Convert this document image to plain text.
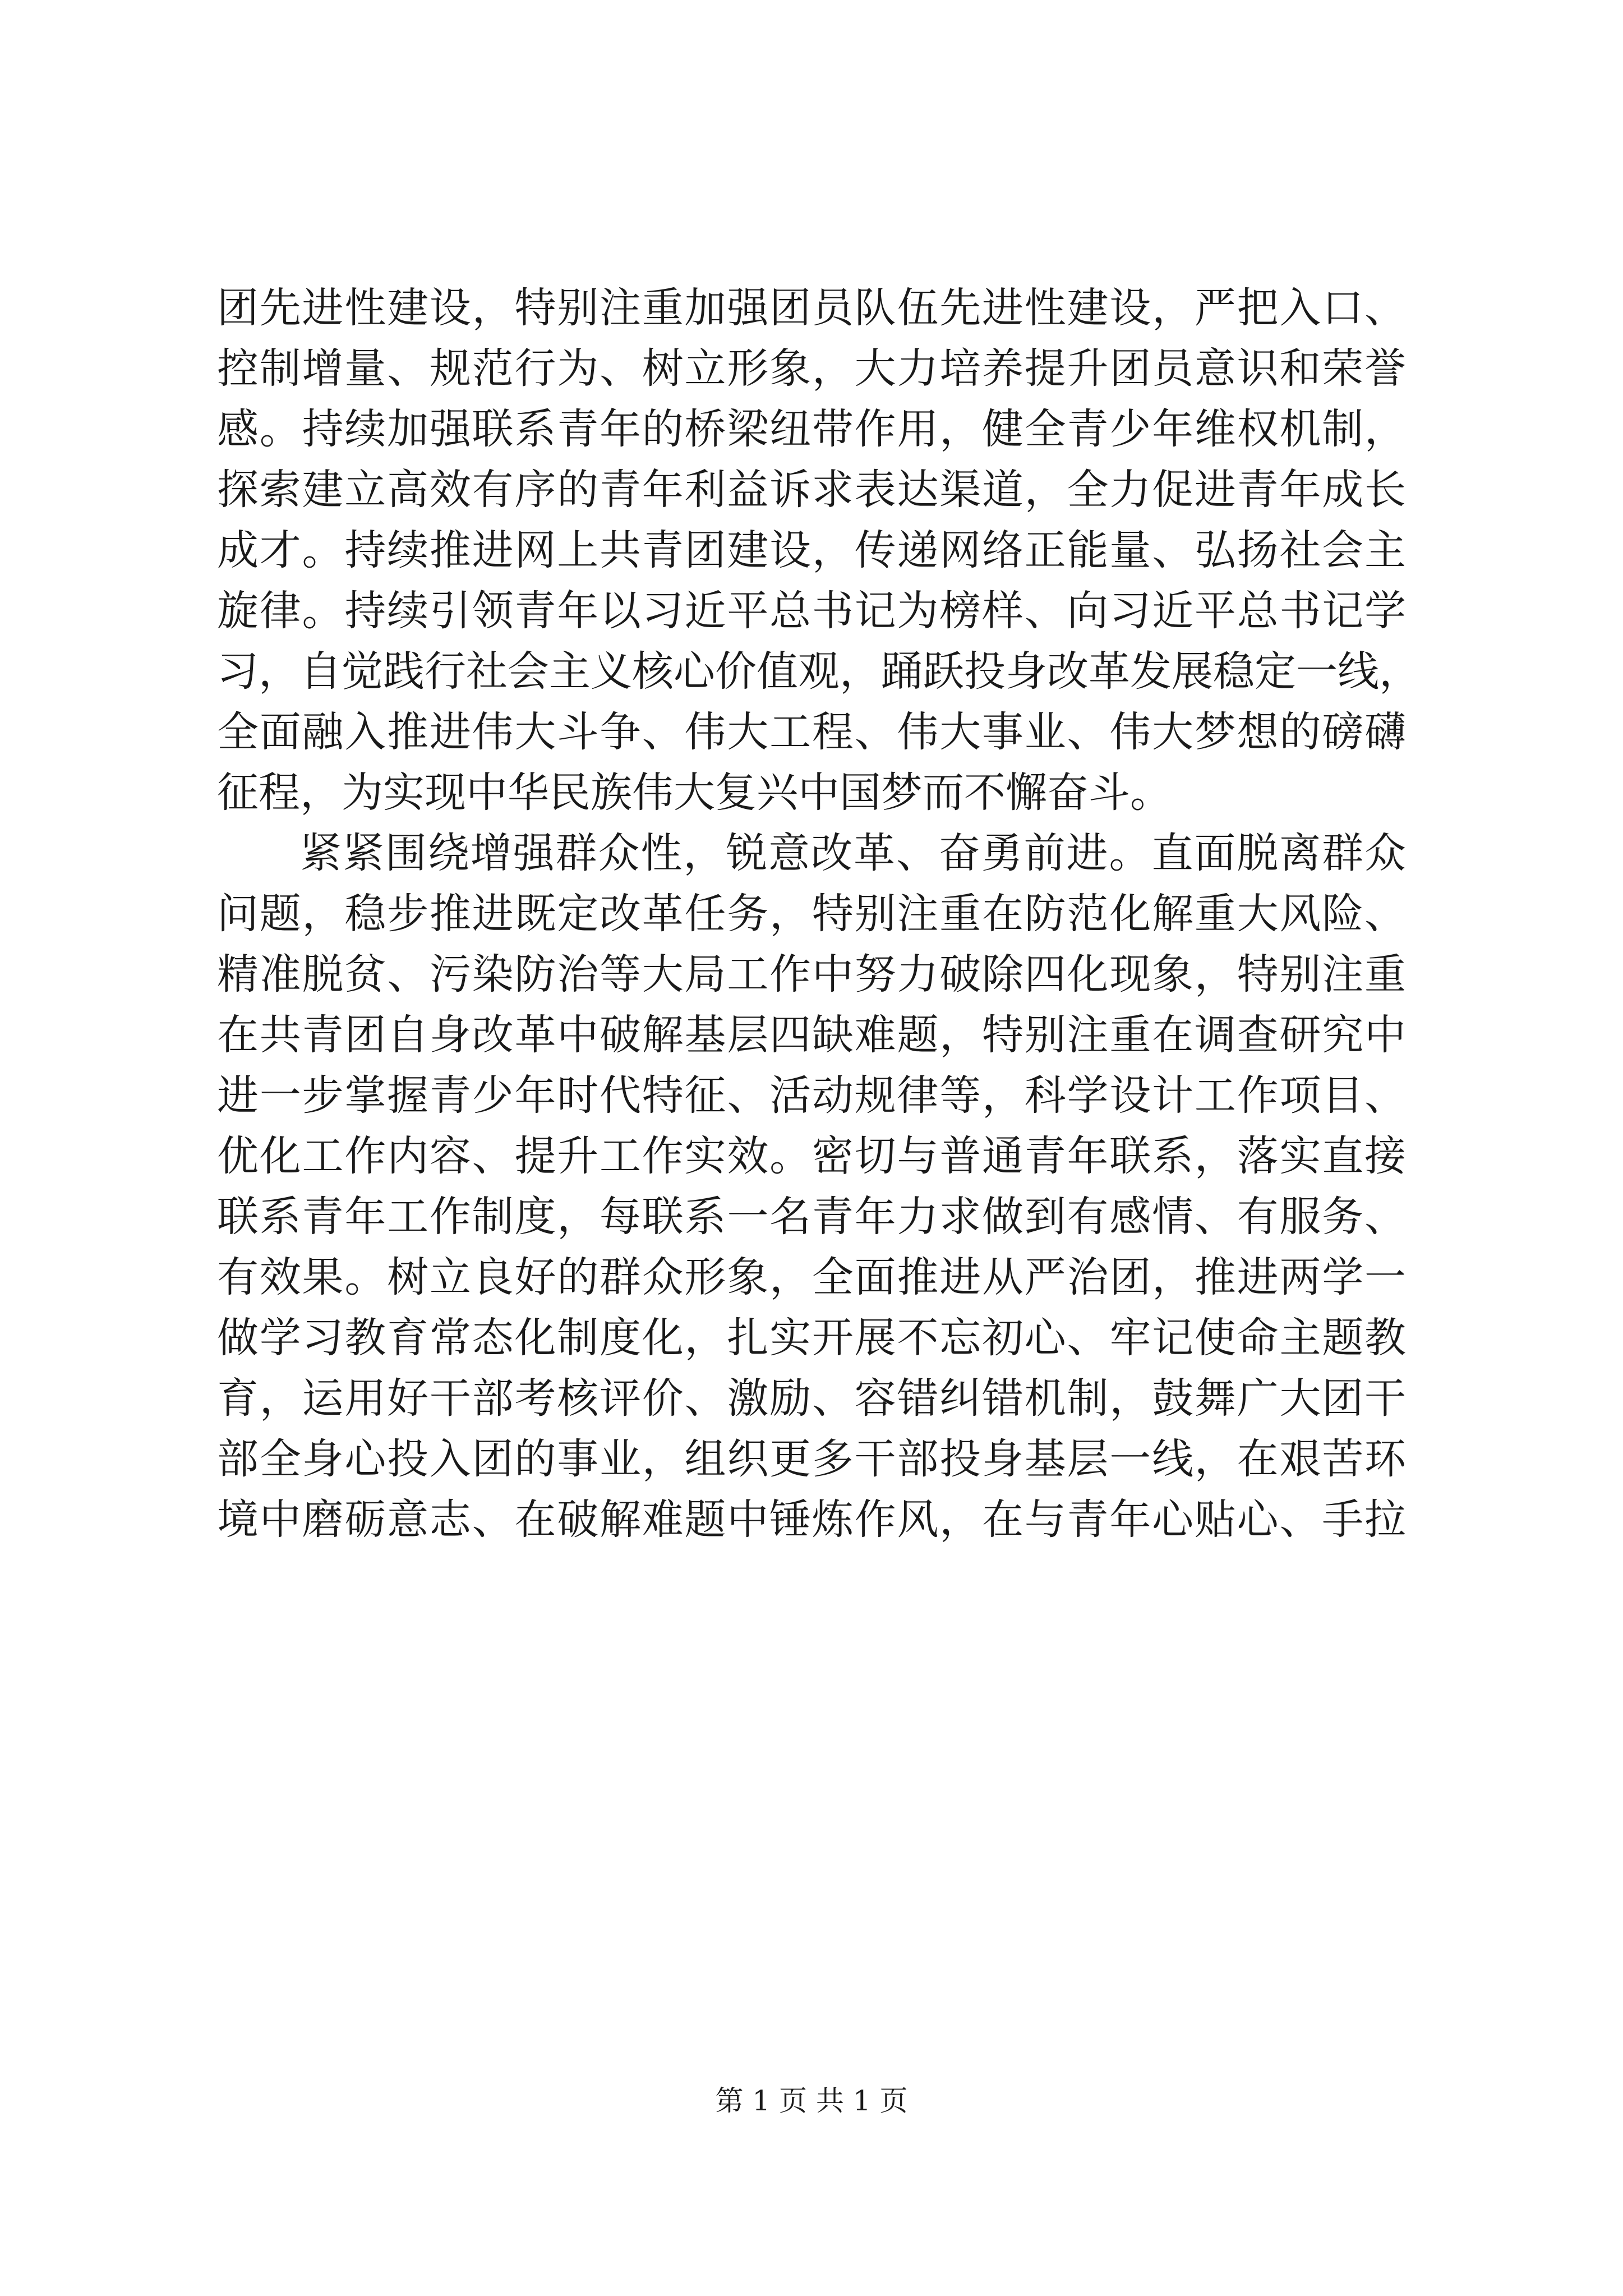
团先进性建设，特别注重加强团员队伍先进性建设，严把入口、
控制增量、规范行为、树立形象，大力培养提升团员意识和荣誉
感。持续加强联系青年的桥梁纽带作用，健全青少年维权机制，
探索建立高效有序的青年利益诉求表达渠道，全力促进青年成长
成才。持续推进网上共青团建设，传递网络正能量、弘扬社会主
旋律。持续引领青年以习近平总书记为榜样、向习近平总书记学
习，自觉践行社会主义核心价值观，踊跃投身改革发展稳定一线，
全面融入推进伟大斗争、伟大工程、伟大事业、伟大梦想的磅礴
征程，为实现中华民族伟大复兴中国梦而不懈奋斗。
紧紧围绕增强群众性，锐意改革、奋勇前进。直面脱离群众
问题，稳步推进既定改革任务，特别注重在防范化解重大风险、
精准脱贫、污染防治等大局工作中努力破除四化现象，特别注重
在共青团自身改革中破解基层四缺难题，特别注重在调查研究中
进一步掌握青少年时代特征、活动规律等，科学设计工作项目、
优化工作内容、提升工作实效。密切与普通青年联系，落实直接
联系青年工作制度，每联系一名青年力求做到有感情、有服务、
有效果。树立良好的群众形象，全面推进从严治团，推进两学一
做学习教育常态化制度化，扎实开展不忘初心、牢记使命主题教
育，运用好干部考核评价、激励、容错纠错机制，鼓舞广大团干
部全身心投入团的事业，组织更多干部投身基层一线，在艰苦环
境中磨砺意志、在破解难题中锤炼作风，在与青年心贴心、手拉
第 1 页 共 1 页
